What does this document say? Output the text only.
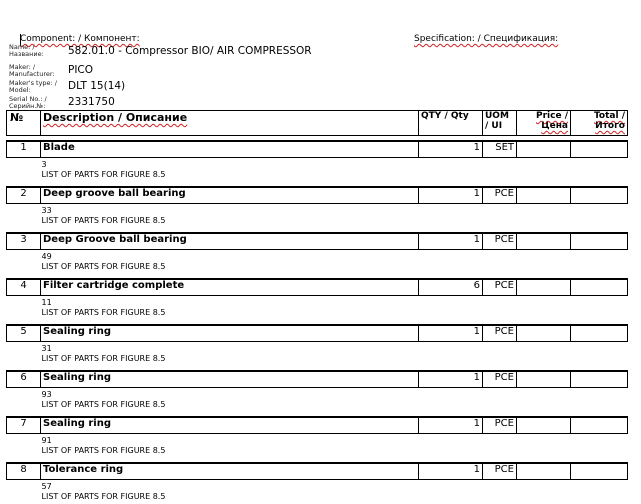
Component: / Компонент:	Specification: / Спецификация:
Name: / Название:	582.01.0 - Compressor BIO/ AIR COMPRESSOR
Maker: / Manufacturer:	PICO
Maker's type: / Model:	DLT 15(14)
Serial No.: / Серийн.№:	2331750
№	Description / Описание	QTY / Qty	UOM / UI	Price / Цена	Total / Итого

1	Blade	1	SET		

3
LIST OF PARTS FOR FIGURE 8.5					

2	Deep groove ball bearing	1	PCE		

33
LIST OF PARTS FOR FIGURE 8.5					

3	Deep Groove ball bearing	1	PCE		

49
LIST OF PARTS FOR FIGURE 8.5					

4	Filter cartridge complete	6	PCE		

11
LIST OF PARTS FOR FIGURE 8.5					

5	Sealing ring	1	PCE		

31
LIST OF PARTS FOR FIGURE 8.5					

6	Sealing ring	1	PCE		

93
LIST OF PARTS FOR FIGURE 8.5					

7	Sealing ring	1	PCE		

91
LIST OF PARTS FOR FIGURE 8.5					

8	Tolerance ring	1	PCE		

57
LIST OF PARTS FOR FIGURE 8.5					
